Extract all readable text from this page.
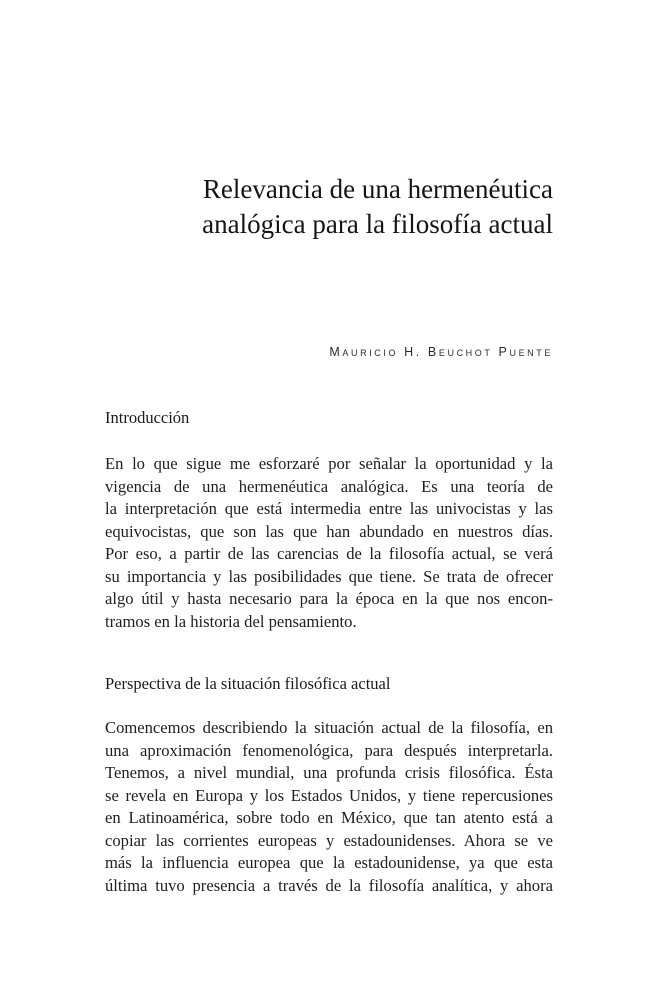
Relevancia de una hermenéutica
analógica para la filosofía actual
Mauricio H. Beuchot Puente
Introducción

En lo que sigue me esforzaré por señalar la oportunidad y la
vigencia de una hermenéutica analógica. Es una teoría de
la interpretación que está intermedia entre las univocistas y las
equivocistas, que son las que han abundado en nuestros días.
Por eso, a partir de las carencias de la filosofía actual, se verá
su importancia y las posibilidades que tiene. Se trata de ofrecer
algo útil y hasta necesario para la época en la que nos encon-
tramos en la historia del pensamiento.

Perspectiva de la situación filosófica actual

Comencemos describiendo la situación actual de la filosofía, en
una aproximación fenomenológica, para después interpretarla.
Tenemos, a nivel mundial, una profunda crisis filosófica. Ésta
se revela en Europa y los Estados Unidos, y tiene repercusiones
en Latinoamérica, sobre todo en México, que tan atento está a
copiar las corrientes europeas y estadounidenses. Ahora se ve
más la influencia europea que la estadounidense, ya que esta
última tuvo presencia a través de la filosofía analítica, y ahora
